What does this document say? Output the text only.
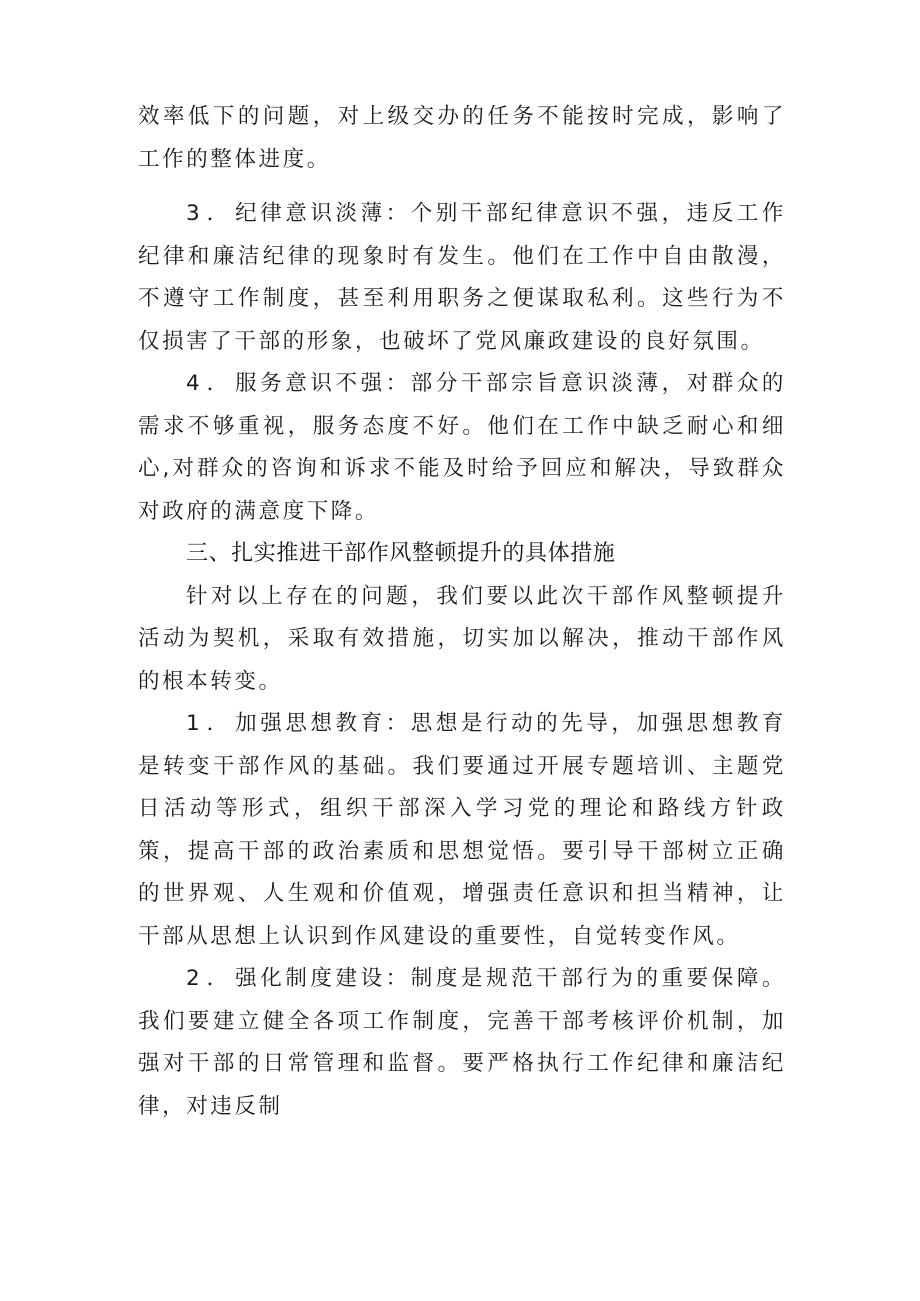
效率低下的问题，对上级交办的任务不能按时完成，影响了工作的整体进度。

3．纪律意识淡薄：个别干部纪律意识不强，违反工作纪律和廉洁纪律的现象时有发生。他们在工作中自由散漫，不遵守工作制度，甚至利用职务之便谋取私利。这些行为不仅损害了干部的形象，也破坏了党风廉政建设的良好氛围。

4．服务意识不强：部分干部宗旨意识淡薄，对群众的需求不够重视，服务态度不好。他们在工作中缺乏耐心和细心,对群众的咨询和诉求不能及时给予回应和解决，导致群众对政府的满意度下降。

三、扎实推进干部作风整顿提升的具体措施

针对以上存在的问题，我们要以此次干部作风整顿提升活动为契机，采取有效措施，切实加以解决，推动干部作风的根本转变。

1．加强思想教育：思想是行动的先导，加强思想教育是转变干部作风的基础。我们要通过开展专题培训、主题党日活动等形式，组织干部深入学习党的理论和路线方针政策，提高干部的政治素质和思想觉悟。要引导干部树立正确的世界观、人生观和价值观，增强责任意识和担当精神，让干部从思想上认识到作风建设的重要性，自觉转变作风。

2．强化制度建设：制度是规范干部行为的重要保障。我们要建立健全各项工作制度，完善干部考核评价机制，加强对干部的日常管理和监督。要严格执行工作纪律和廉洁纪律，对违反制
